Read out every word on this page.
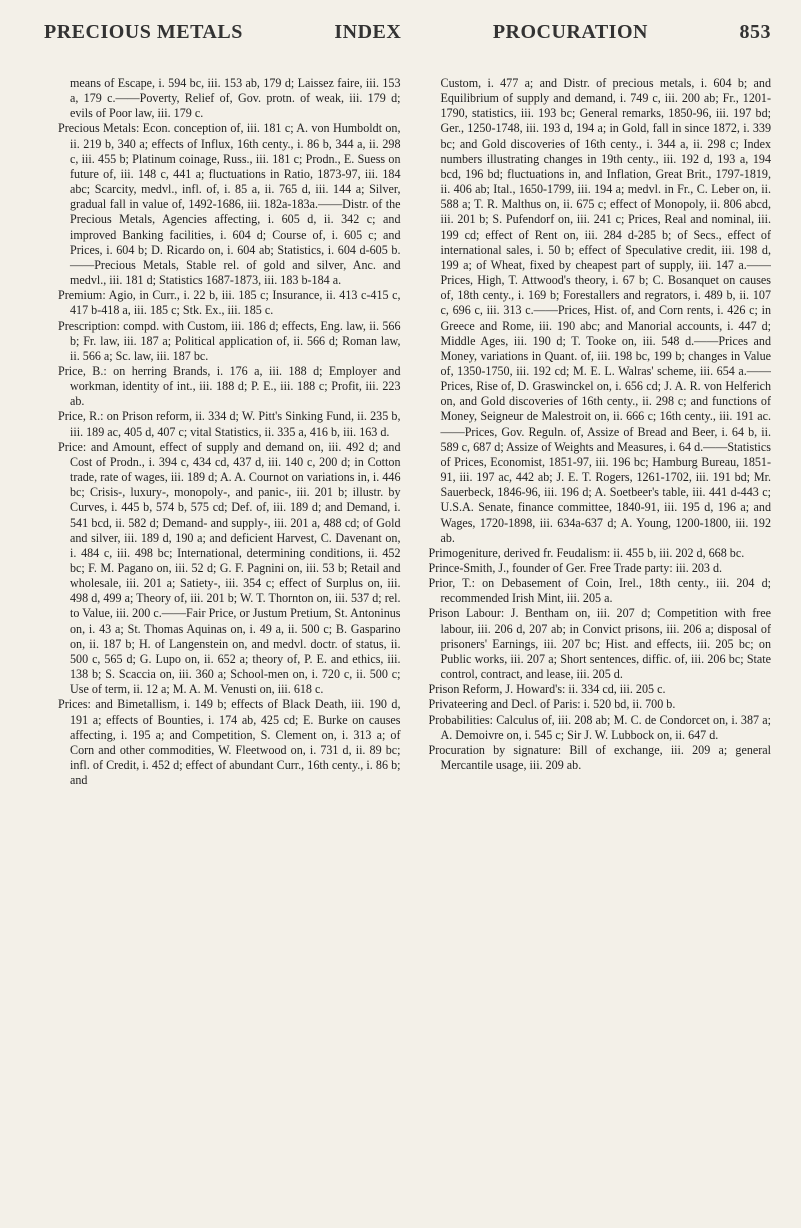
PRECIOUS METALS	INDEX	PROCURATION	853

means of Escape, i. 594 bc, iii. 153 ab, 179 d; Laissez faire, iii. 153 a, 179 c.——Poverty, Relief of, Gov. protn. of weak, iii. 179 d; evils of Poor law, iii. 179 c.

Precious Metals: Econ. conception of, iii. 181 c; A. von Humboldt on, ii. 219 b, 340 a; effects of Influx, 16th centy., i. 86 b, 344 a, ii. 298 c, iii. 455 b; Platinum coinage, Russ., iii. 181 c; Prodn., E. Suess on future of, iii. 148 c, 441 a; fluctuations in Ratio, 1873-97, iii. 184 abc; Scarcity, medvl., infl. of, i. 85 a, ii. 765 d, iii. 144 a; Silver, gradual fall in value of, 1492-1686, iii. 182a-183a.——Distr. of the Precious Metals, Agencies affecting, i. 605 d, ii. 342 c; and improved Banking facilities, i. 604 d; Course of, i. 605 c; and Prices, i. 604 b; D. Ricardo on, i. 604 ab; Statistics, i. 604 d-605 b.——Precious Metals, Stable rel. of gold and silver, Anc. and medvl., iii. 181 d; Statistics 1687-1873, iii. 183 b-184 a.

Premium: Agio, in Curr., i. 22 b, iii. 185 c; Insurance, ii. 413 c-415 c, 417 b-418 a, iii. 185 c; Stk. Ex., iii. 185 c.

Prescription: compd. with Custom, iii. 186 d; effects, Eng. law, ii. 566 b; Fr. law, iii. 187 a; Political application of, ii. 566 d; Roman law, ii. 566 a; Sc. law, iii. 187 bc.

Price, B.: on herring Brands, i. 176 a, iii. 188 d; Employer and workman, identity of int., iii. 188 d; P. E., iii. 188 c; Profit, iii. 223 ab.

Price, R.: on Prison reform, ii. 334 d; W. Pitt's Sinking Fund, ii. 235 b, iii. 189 ac, 405 d, 407 c; vital Statistics, ii. 335 a, 416 b, iii. 163 d.

Price: and Amount, effect of supply and demand on, iii. 492 d; and Cost of Prodn., i. 394 c, 434 cd, 437 d, iii. 140 c, 200 d; in Cotton trade, rate of wages, iii. 189 d; A. A. Cournot on variations in, i. 446 bc; Crisis-, luxury-, monopoly-, and panic-, iii. 201 b; illustr. by Curves, i. 445 b, 574 b, 575 cd; Def. of, iii. 189 d; and Demand, i. 541 bcd, ii. 582 d; Demand- and supply-, iii. 201 a, 488 cd; of Gold and silver, iii. 189 d, 190 a; and deficient Harvest, C. Davenant on, i. 484 c, iii. 498 bc; International, determining conditions, ii. 452 bc; F. M. Pagano on, iii. 52 d; G. F. Pagnini on, iii. 53 b; Retail and wholesale, iii. 201 a; Satiety-, iii. 354 c; effect of Surplus on, iii. 498 d, 499 a; Theory of, iii. 201 b; W. T. Thornton on, iii. 537 d; rel. to Value, iii. 200 c.——Fair Price, or Justum Pretium, St. Antoninus on, i. 43 a; St. Thomas Aquinas on, i. 49 a, ii. 500 c; B. Gasparino on, ii. 187 b; H. of Langenstein on, and medvl. doctr. of status, ii. 500 c, 565 d; G. Lupo on, ii. 652 a; theory of, P. E. and ethics, iii. 138 b; S. Scaccia on, iii. 360 a; School-men on, i. 720 c, ii. 500 c; Use of term, ii. 12 a; M. A. M. Venusti on, iii. 618 c.

Prices: and Bimetallism, i. 149 b; effects of Black Death, iii. 190 d, 191 a; effects of Bounties, i. 174 ab, 425 cd; E. Burke on causes affecting, i. 195 a; and Competition, S. Clement on, i. 313 a; of Corn and other commodities, W. Fleetwood on, i. 731 d, ii. 89 bc; infl. of Credit, i. 452 d; effect of abundant Curr., 16th centy., i. 86 b; and

Custom, i. 477 a; and Distr. of precious metals, i. 604 b; and Equilibrium of supply and demand, i. 749 c, iii. 200 ab; Fr., 1201-1790, statistics, iii. 193 bc; General remarks, 1850-96, iii. 197 bd; Ger., 1250-1748, iii. 193 d, 194 a; in Gold, fall in since 1872, i. 339 bc; and Gold discoveries of 16th centy., i. 344 a, ii. 298 c; Index numbers illustrating changes in 19th centy., iii. 192 d, 193 a, 194 bcd, 196 bd; fluctuations in, and Inflation, Great Brit., 1797-1819, ii. 406 ab; Ital., 1650-1799, iii. 194 a; medvl. in Fr., C. Leber on, ii. 588 a; T. R. Malthus on, ii. 675 c; effect of Monopoly, ii. 806 abcd, iii. 201 b; S. Pufendorf on, iii. 241 c; Prices, Real and nominal, iii. 199 cd; effect of Rent on, iii. 284 d-285 b; of Secs., effect of international sales, i. 50 b; effect of Speculative credit, iii. 198 d, 199 a; of Wheat, fixed by cheapest part of supply, iii. 147 a.——Prices, High, T. Attwood's theory, i. 67 b; C. Bosanquet on causes of, 18th centy., i. 169 b; Forestallers and regrators, i. 489 b, ii. 107 c, 696 c, iii. 313 c.——Prices, Hist. of, and Corn rents, i. 426 c; in Greece and Rome, iii. 190 abc; and Manorial accounts, i. 447 d; Middle Ages, iii. 190 d; T. Tooke on, iii. 548 d.——Prices and Money, variations in Quant. of, iii. 198 bc, 199 b; changes in Value of, 1350-1750, iii. 192 cd; M. E. L. Walras' scheme, iii. 654 a.——Prices, Rise of, D. Graswinckel on, i. 656 cd; J. A. R. von Helferich on, and Gold discoveries of 16th centy., ii. 298 c; and functions of Money, Seigneur de Malestroit on, ii. 666 c; 16th centy., iii. 191 ac.——Prices, Gov. Reguln. of, Assize of Bread and Beer, i. 64 b, ii. 589 c, 687 d; Assize of Weights and Measures, i. 64 d.——Statistics of Prices, Economist, 1851-97, iii. 196 bc; Hamburg Bureau, 1851-91, iii. 197 ac, 442 ab; J. E. T. Rogers, 1261-1702, iii. 191 bd; Mr. Sauerbeck, 1846-96, iii. 196 d; A. Soetbeer's table, iii. 441 d-443 c; U.S.A. Senate, finance committee, 1840-91, iii. 195 d, 196 a; and Wages, 1720-1898, iii. 634a-637 d; A. Young, 1200-1800, iii. 192 ab.

Primogeniture, derived fr. Feudalism: ii. 455 b, iii. 202 d, 668 bc.

Prince-Smith, J., founder of Ger. Free Trade party: iii. 203 d.

Prior, T.: on Debasement of Coin, Irel., 18th centy., iii. 204 d; recommended Irish Mint, iii. 205 a.

Prison Labour: J. Bentham on, iii. 207 d; Competition with free labour, iii. 206 d, 207 ab; in Convict prisons, iii. 206 a; disposal of prisoners' Earnings, iii. 207 bc; Hist. and effects, iii. 205 bc; on Public works, iii. 207 a; Short sentences, diffic. of, iii. 206 bc; State control, contract, and lease, iii. 205 d.

Prison Reform, J. Howard's: ii. 334 cd, iii. 205 c.

Privateering and Decl. of Paris: i. 520 bd, ii. 700 b.

Probabilities: Calculus of, iii. 208 ab; M. C. de Condorcet on, i. 387 a; A. Demoivre on, i. 545 c; Sir J. W. Lubbock on, ii. 647 d.

Procuration by signature: Bill of exchange, iii. 209 a; general Mercantile usage, iii. 209 ab.
